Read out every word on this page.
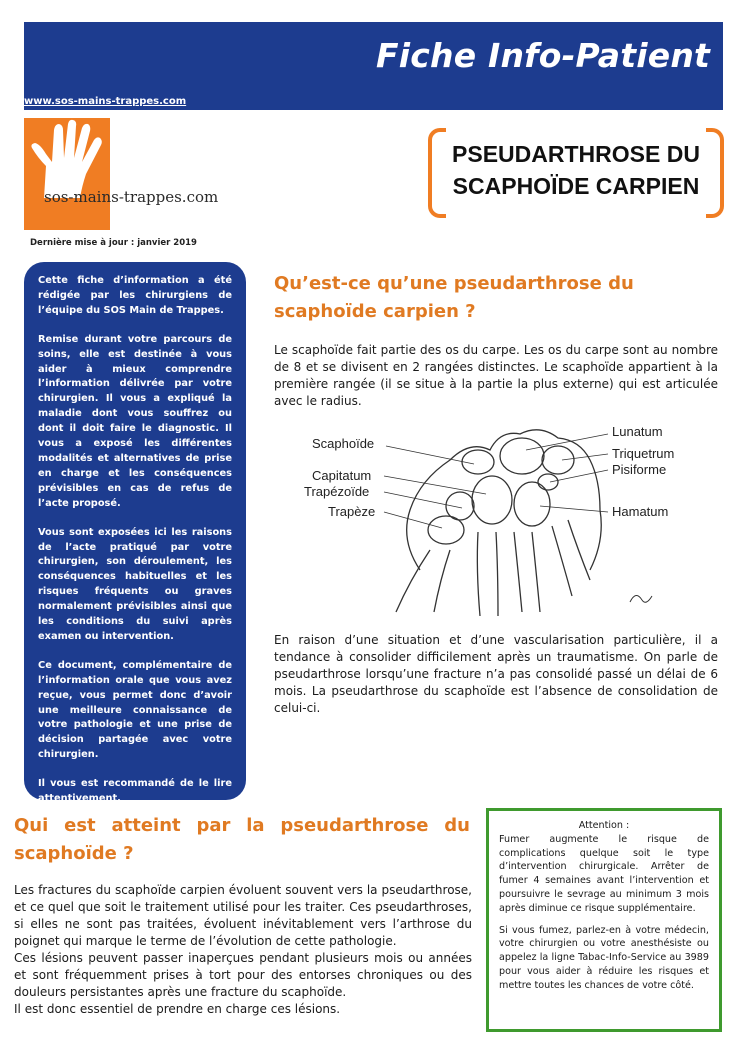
Fiche Info-Patient
www.sos-mains-trappes.com
sos-mains-trappes.com
Dernière mise à jour : janvier 2019
PSEUDARTHROSE DU
SCAPHOÏDE CARPIEN

Cette fiche d’information a été rédigée par les chirurgiens de l’équipe du SOS Main de Trappes.

Remise durant votre parcours de soins, elle est destinée à vous aider à mieux comprendre l’information délivrée par votre chirurgien. Il vous a expliqué la maladie dont vous souffrez ou dont il doit faire le diagnostic. Il vous a exposé les différentes modalités et alternatives de prise en charge et les conséquences prévisibles en cas de refus de l’acte proposé.

Vous sont exposées ici les raisons de l’acte pratiqué par votre chirurgien, son déroulement, les conséquences habituelles et les risques fréquents ou graves normalement prévisibles ainsi que les conditions du suivi après examen ou intervention.

Ce document, complémentaire de l’information orale que vous avez reçue, vous permet donc d’avoir une meilleure connaissance de votre pathologie et une prise de décision partagée avec votre chirurgien.

Il vous est recommandé de le lire attentivement.

Qu’est-ce qu’une pseudarthrose du scaphoïde carpien ?

Le scaphoïde fait partie des os du carpe. Les os du carpe sont au nombre de 8 et se divisent en 2 rangées distinctes. Le scaphoïde appartient à la première rangée (il se situe à la partie la plus externe) qui est articulée avec le radius.

Scaphoïde
Capitatum
Trapézoïde
Trapèze
Lunatum
Triquetrum
Pisiforme
Hamatum

En raison d’une situation et d’une vascularisation particulière, il a tendance à consolider difficilement après un traumatisme. On parle de pseudarthrose lorsqu’une fracture n’a pas consolidé passé un délai de 6 mois. La pseudarthrose du scaphoïde est l’absence de consolidation de celui-ci.

Qui est atteint par la pseudarthrose du scaphoïde ?

Les fractures du scaphoïde carpien évoluent souvent vers la pseudarthrose, et ce quel que soit le traitement utilisé pour les traiter. Ces pseudarthroses, si elles ne sont pas traitées, évoluent inévitablement vers l’arthrose du poignet qui marque le terme de l’évolution de cette pathologie.

Ces lésions peuvent passer inaperçues pendant plusieurs mois ou années et sont fréquemment prises à tort pour des entorses chroniques ou des douleurs persistantes après une fracture du scaphoïde.

Il est donc essentiel de prendre en charge ces lésions.

Attention :

Fumer augmente le risque de complications quelque soit le type d’intervention chirurgicale. Arrêter de fumer 4 semaines avant l’intervention et poursuivre le sevrage au minimum 3 mois après diminue ce risque supplémentaire.

Si vous fumez, parlez-en à votre médecin, votre chirurgien ou votre anesthésiste ou appelez la ligne Tabac-Info-Service au 3989 pour vous aider à réduire les risques et mettre toutes les chances de votre côté.
